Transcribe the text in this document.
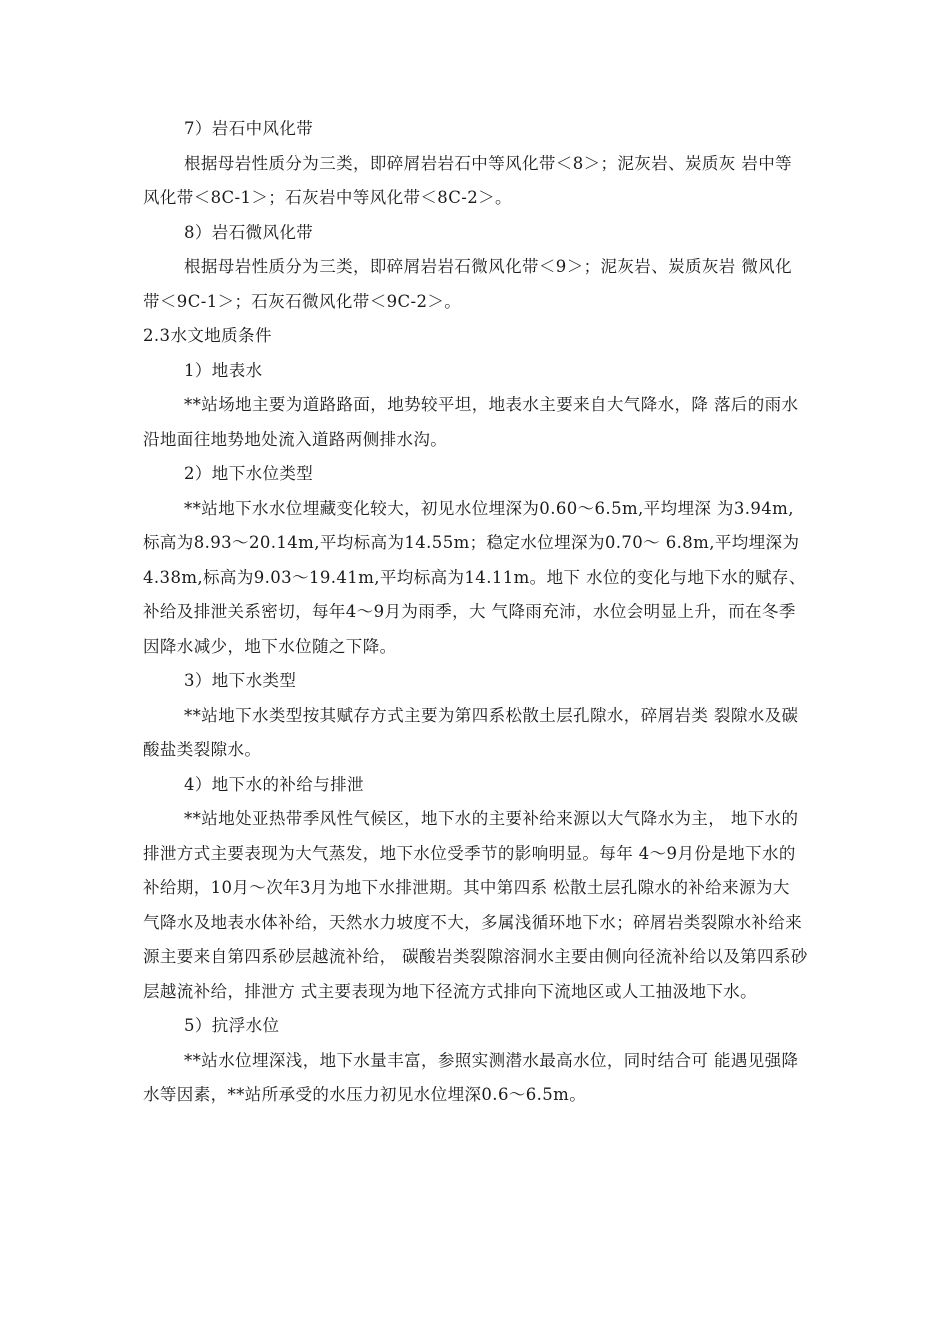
7）岩石中风化带
根据母岩性质分为三类，即碎屑岩岩石中等风化带＜8＞；泥灰岩、炭质灰 岩中等
风化带＜8C-1＞；石灰岩中等风化带＜8C-2＞。
8）岩石微风化带
根据母岩性质分为三类，即碎屑岩岩石微风化带＜9＞；泥灰岩、炭质灰岩 微风化
带＜9C-1＞；石灰石微风化带＜9C-2＞。
2.3水文地质条件
1）地表水
**站场地主要为道路路面，地势较平坦，地表水主要来自大气降水，降 落后的雨水
沿地面往地势地处流入道路两侧排水沟。
2）地下水位类型
**站地下水水位埋藏变化较大，初见水位埋深为0.60～6.5m,平均埋深 为3.94m,
标高为8.93～20.14m,平均标高为14.55m；稳定水位埋深为0.70～ 6.8m,平均埋深为
4.38m,标高为9.03～19.41m,平均标高为14.11m。地下 水位的变化与地下水的赋存、
补给及排泄关系密切，每年4～9月为雨季，大 气降雨充沛，水位会明显上升，而在冬季
因降水减少，地下水位随之下降。
3）地下水类型
**站地下水类型按其赋存方式主要为第四系松散土层孔隙水，碎屑岩类 裂隙水及碳
酸盐类裂隙水。
4）地下水的补给与排泄
**站地处亚热带季风性气候区，地下水的主要补给来源以大气降水为主， 地下水的
排泄方式主要表现为大气蒸发，地下水位受季节的影响明显。每年 4～9月份是地下水的
补给期，10月～次年3月为地下水排泄期。其中第四系 松散土层孔隙水的补给来源为大
气降水及地表水体补给，天然水力坡度不大，多属浅循环地下水；碎屑岩类裂隙水补给来
源主要来自第四系砂层越流补给， 碳酸岩类裂隙溶洞水主要由侧向径流补给以及第四系砂
层越流补给，排泄方 式主要表现为地下径流方式排向下流地区或人工抽汲地下水。
5）抗浮水位
**站水位埋深浅，地下水量丰富，参照实测潜水最高水位，同时结合可 能遇见强降
水等因素，**站所承受的水压力初见水位埋深0.6～6.5m。
